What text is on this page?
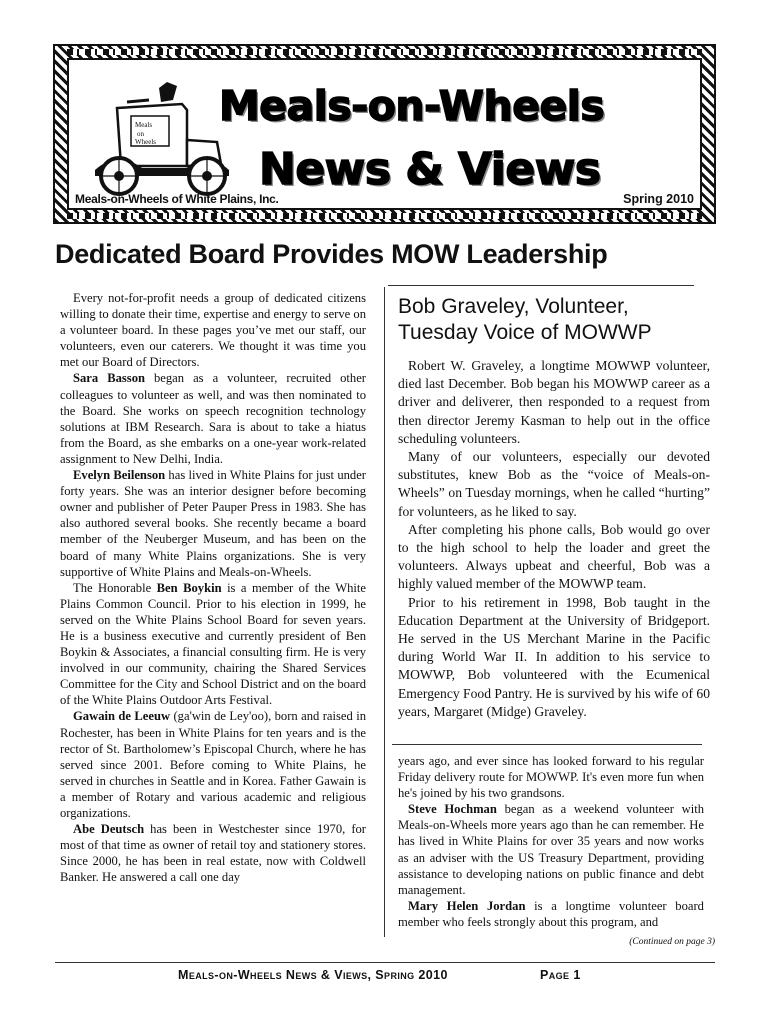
Meals
on
Wheels
Meals-on-Wheels
News & Views
Meals-on-Wheels of White Plains, Inc.	Spring 2010
Dedicated Board Provides MOW Leadership

Every not-for-profit needs a group of dedicated citizens willing to donate their time, expertise and energy to serve on a volunteer board. In these pages you’ve met our staff, our volunteers, even our caterers. We thought it was time you met our Board of Directors.

Sara Basson began as a volunteer, recruited other colleagues to volunteer as well, and was then nominated to the Board. She works on speech recognition technology solutions at IBM Research. Sara is about to take a hiatus from the Board, as she embarks on a one-year work-related assignment to New Delhi, India.

Evelyn Beilenson has lived in White Plains for just under forty years. She was an interior designer before becoming owner and publisher of Peter Pauper Press in 1983. She has also authored several books. She recently became a board member of the Neuberger Museum, and has been on the board of many White Plains organizations. She is very supportive of White Plains and Meals-on-Wheels.

The Honorable Ben Boykin is a member of the White Plains Common Council. Prior to his election in 1999, he served on the White Plains School Board for seven years. He is a business executive and currently president of Ben Boykin & Associates, a financial consulting firm. He is very involved in our community, chairing the Shared Services Committee for the City and School District and on the board of the White Plains Outdoor Arts Festival.

Gawain de Leeuw (ga'win de Ley'oo), born and raised in Rochester, has been in White Plains for ten years and is the rector of St. Bartholomew’s Episcopal Church, where he has served since 2001. Before coming to White Plains, he served in churches in Seattle and in Korea. Father Gawain is a member of Rotary and various academic and religious organizations.

Abe Deutsch has been in Westchester since 1970, for most of that time as owner of retail toy and stationery stores. Since 2000, he has been in real estate, now with Coldwell Banker. He answered a call one day

Bob Graveley, Volunteer, Tuesday Voice of MOWWP

Robert W. Graveley, a longtime MOWWP volunteer, died last December. Bob began his MOWWP career as a driver and deliverer, then responded to a request from then director Jeremy Kasman to help out in the office scheduling volunteers.

Many of our volunteers, especially our devoted substitutes, knew Bob as the “voice of Meals-on-Wheels” on Tuesday mornings, when he called “hurting” for volunteers, as he liked to say.

After completing his phone calls, Bob would go over to the high school to help the loader and greet the volunteers. Always upbeat and cheerful, Bob was a highly valued member of the MOWWP team.

Prior to his retirement in 1998, Bob taught in the Education Department at the University of Bridgeport. He served in the US Merchant Marine in the Pacific during World War II. In addition to his service to MOWWP, Bob volunteered with the Ecumenical Emergency Food Pantry. He is survived by his wife of 60 years, Margaret (Midge) Graveley.

years ago, and ever since has looked forward to his regular Friday delivery route for MOWWP. It's even more fun when he's joined by his two grandsons.

Steve Hochman began as a weekend volunteer with Meals-on-Wheels more years ago than he can remember. He has lived in White Plains for over 35 years and now works as an adviser with the US Treasury Department, providing assistance to developing nations on public finance and debt management.

Mary Helen Jordan is a longtime volunteer board member who feels strongly about this program, and

(Continued on page 3)
Meals-on-Wheels News & Views, Spring 2010	Page 1
